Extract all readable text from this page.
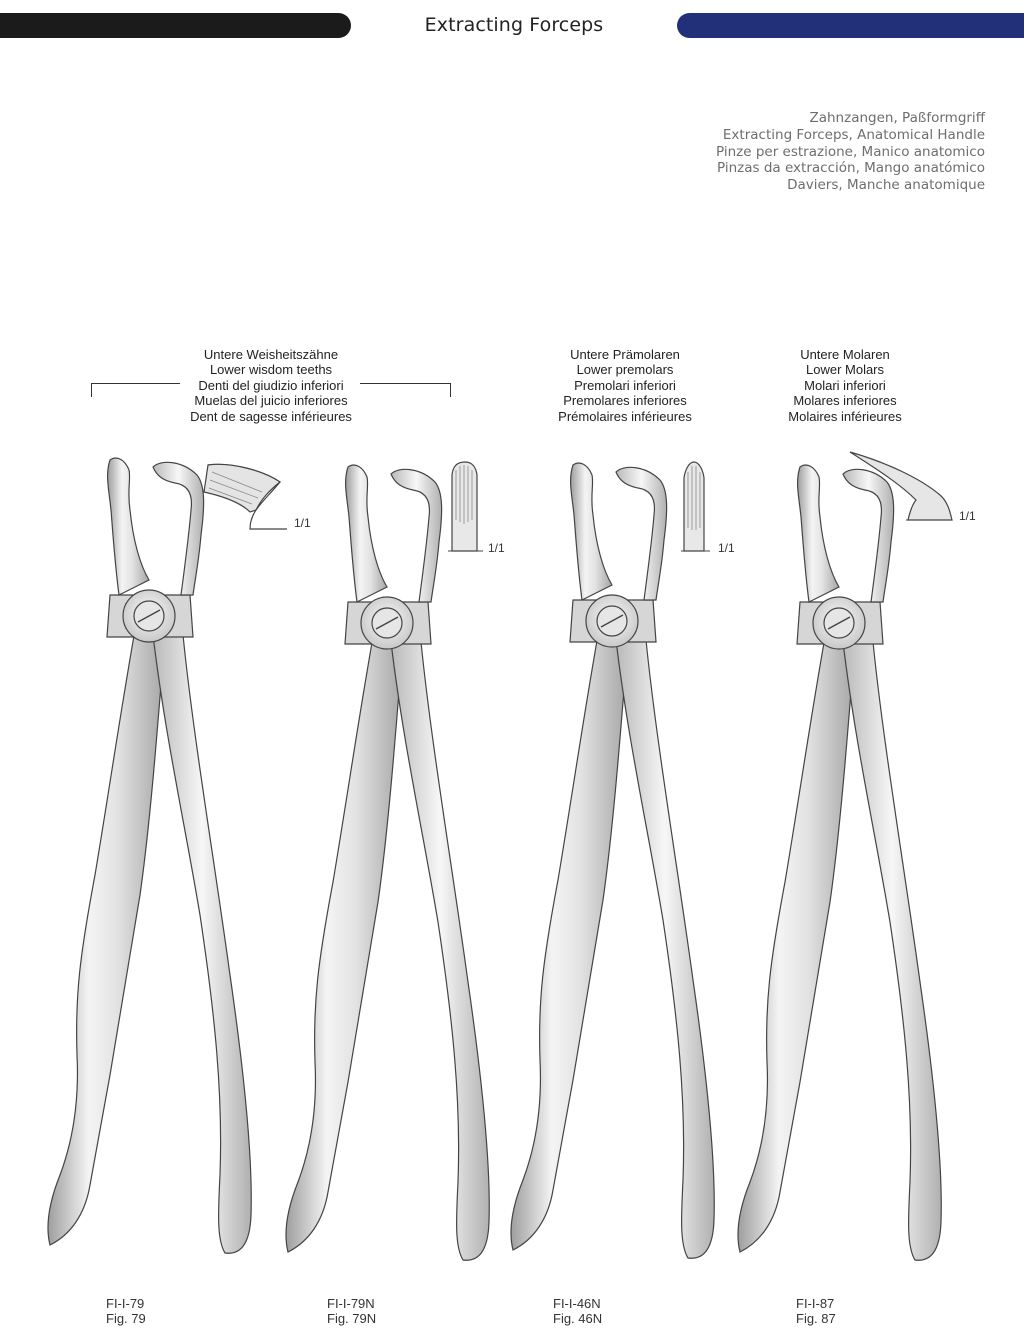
Extracting Forceps
Zahnzangen, Paßformgriff
Extracting Forceps, Anatomical Handle
Pinze per estrazione, Manico anatomico
Pinzas da extracción, Mango anatómico
Daviers, Manche anatomique
Untere Weisheitszähne
Lower wisdom teeths
Denti del giudizio inferiori
Muelas del juicio inferiores
Dent de sagesse inférieures
Untere Prämolaren
Lower premolars
Premolari inferiori
Premolares inferiores
Prémolaires inférieures
Untere Molaren
Lower Molars
Molari inferiori
Molares inferiores
Molaires inférieures
1/1
1/1	1/1
1/1
FI-I-79
Fig. 79
FI-I-79N
Fig. 79N
FI-I-46N
Fig. 46N
FI-I-87
Fig. 87
